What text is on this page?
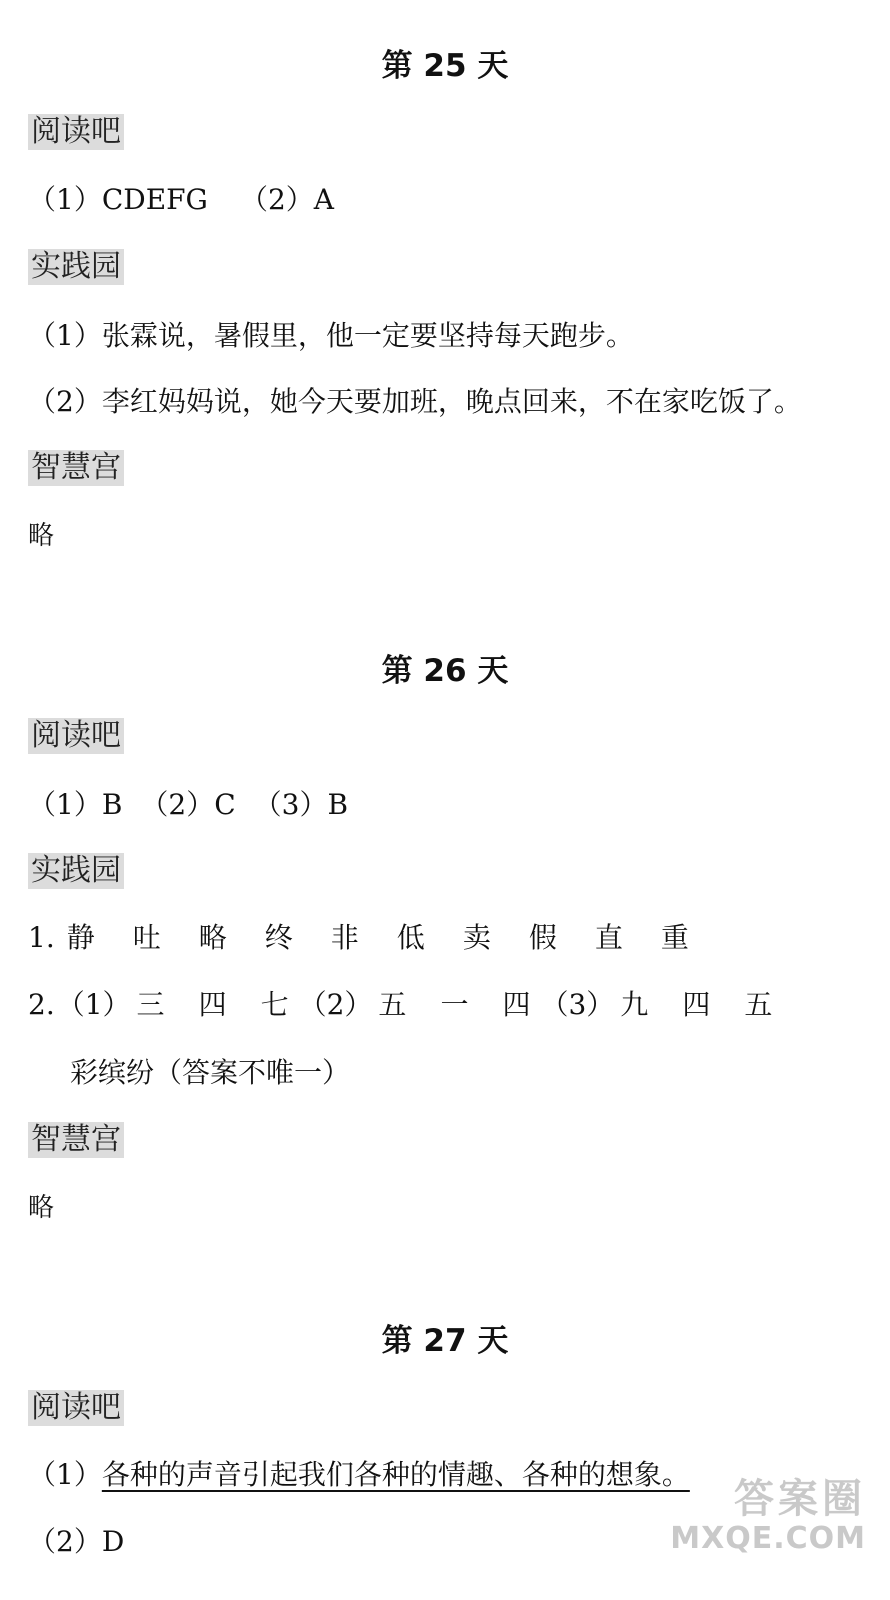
第 25 天
阅读吧
（1）CDEFG （2）A
实践园
（1）张霖说，暑假里，他一定要坚持每天跑步。
（2）李红妈妈说，她今天要加班，晚点回来，不在家吃饭了。
智慧宫
略
第 26 天
阅读吧
（1）B （2）C （3）B
实践园
1. 静 吐 略 终 非 低 卖 假 直 重
2.（1） 三 四 七 （2） 五 一 四 （3） 九 四 五
彩缤纷（答案不唯一）
智慧宫
略
第 27 天
阅读吧
（1）各种的声音引起我们各种的情趣、各种的想象。
（2）D
答案圈
MXQE.COM
